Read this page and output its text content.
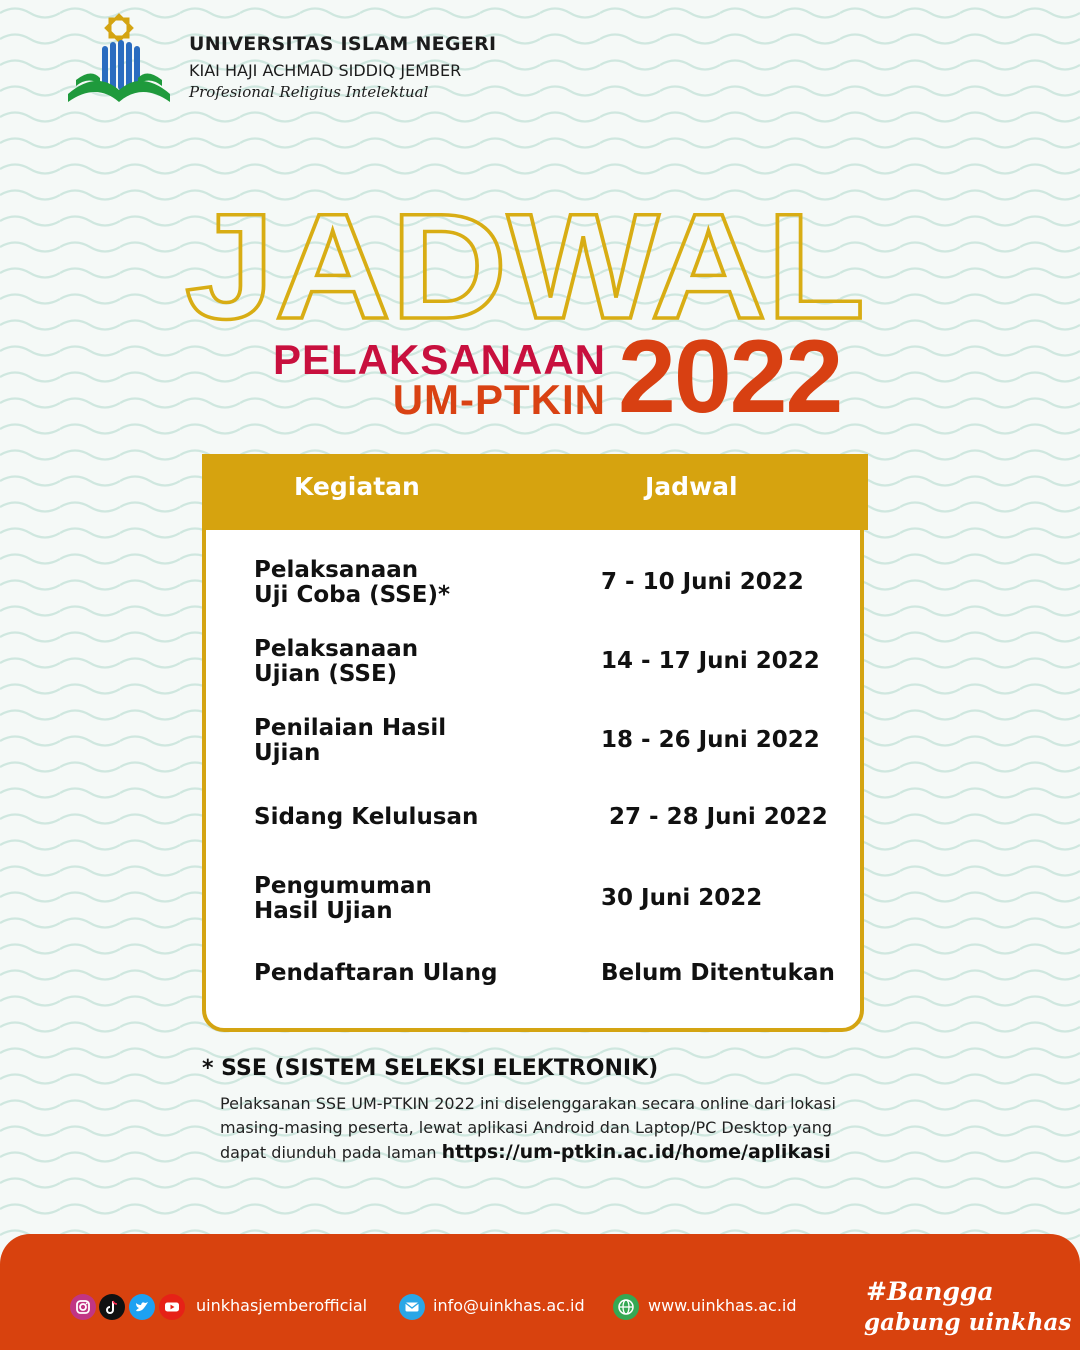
UNIVERSITAS ISLAM NEGERI
KIAI HAJI ACHMAD SIDDIQ JEMBER
Profesional Religius Intelektual
JADWAL
PELAKSANAAN
UM-PTKIN 2022
Kegiatan	Jadwal
Pelaksanaan
Uji Coba (SSE)*	7 - 10 Juni 2022
Pelaksanaan
Ujian (SSE)	14 - 17 Juni 2022
Penilaian Hasil
Ujian	18 - 26 Juni 2022
Sidang Kelulusan	27 - 28 Juni 2022
Pengumuman
Hasil Ujian	30 Juni 2022
Pendaftaran Ulang	Belum Ditentukan
* SSE (SISTEM SELEKSI ELEKTRONIK)
Pelaksanan SSE UM-PTKIN 2022 ini diselenggarakan secara online dari lokasi masing-masing peserta, lewat aplikasi Android dan Laptop/PC Desktop yang dapat diunduh pada laman https://um-ptkin.ac.id/home/aplikasi
uinkhasjemberofficial	info@uinkhas.ac.id	www.uinkhas.ac.id	#Bangga
gabung uinkhas
